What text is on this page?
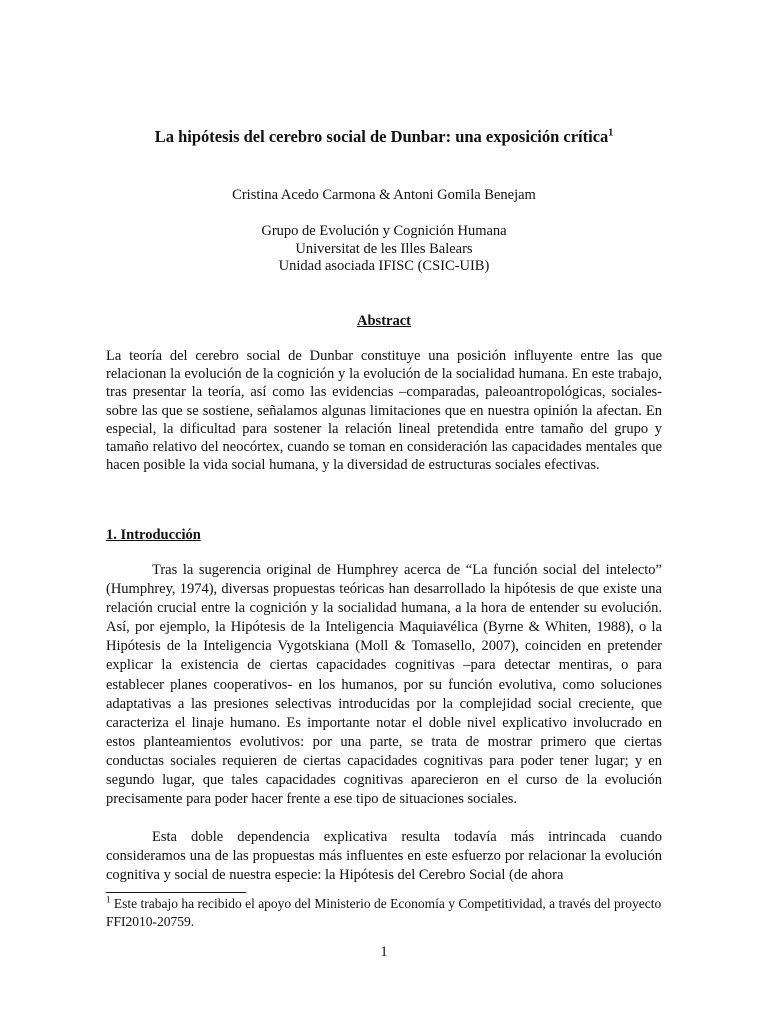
La hipótesis del cerebro social de Dunbar: una exposición crítica$^1$
Cristina Acedo Carmona & Antoni Gomila Benejam
Grupo de Evolución y Cognición Humana
Universitat de les Illes Balears
Unidad asociada IFISC (CSIC-UIB)
Abstract

La teoría del cerebro social de Dunbar constituye una posición influyente entre las que relacionan la evolución de la cognición y la evolución de la socialidad humana. En este trabajo, tras presentar la teoría, así como las evidencias –comparadas, paleoantropológicas, sociales- sobre las que se sostiene, señalamos algunas limitaciones que en nuestra opinión la afectan. En especial, la dificultad para sostener la relación lineal pretendida entre tamaño del grupo y tamaño relativo del neocórtex, cuando se toman en consideración las capacidades mentales que hacen posible la vida social humana, y la diversidad de estructuras sociales efectivas.

1. Introducción

Tras la sugerencia original de Humphrey acerca de “La función social del intelecto” (Humphrey, 1974), diversas propuestas teóricas han desarrollado la hipótesis de que existe una relación crucial entre la cognición y la socialidad humana, a la hora de entender su evolución. Así, por ejemplo, la Hipótesis de la Inteligencia Maquiavélica (Byrne & Whiten, 1988), o la Hipótesis de la Inteligencia Vygotskiana (Moll & Tomasello, 2007), coinciden en pretender explicar la existencia de ciertas capacidades cognitivas –para detectar mentiras, o para establecer planes cooperativos- en los humanos, por su función evolutiva, como soluciones adaptativas a las presiones selectivas introducidas por la complejidad social creciente, que caracteriza el linaje humano. Es importante notar el doble nivel explicativo involucrado en estos planteamientos evolutivos: por una parte, se trata de mostrar primero que ciertas conductas sociales requieren de ciertas capacidades cognitivas para poder tener lugar; y en segundo lugar, que tales capacidades cognitivas aparecieron en el curso de la evolución precisamente para poder hacer frente a ese tipo de situaciones sociales.

Esta doble dependencia explicativa resulta todavía más intrincada cuando consideramos una de las propuestas más influentes en este esfuerzo por relacionar la evolución cognitiva y social de nuestra especie: la Hipótesis del Cerebro Social (de ahora

$^1$ Este trabajo ha recibido el apoyo del Ministerio de Economía y Competitividad, a través del proyecto FFI2010-20759.

1
